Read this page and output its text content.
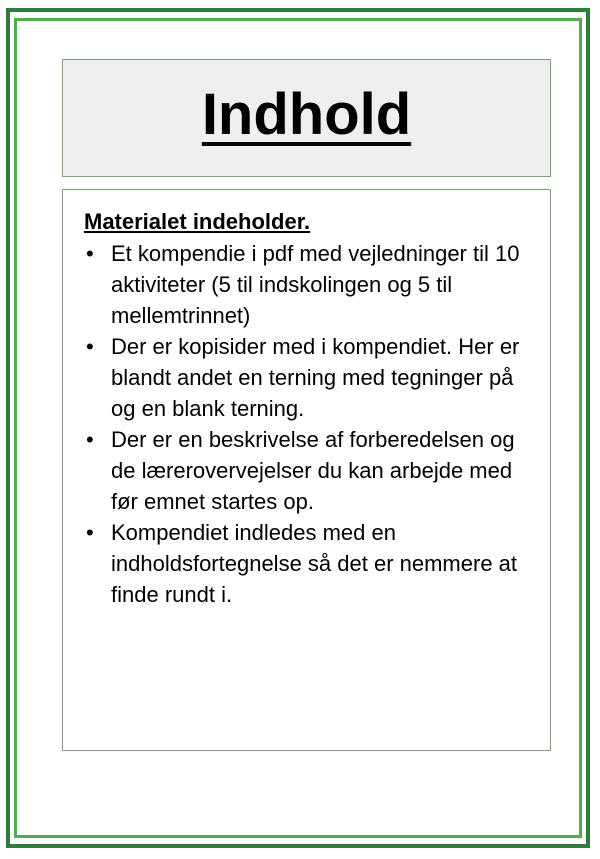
Indhold

Materialet indeholder.

• Et kompendie i pdf med vejledninger til 10 aktiviteter (5 til indskolingen og 5 til mellemtrinnet)
• Der er kopisider med i kompendiet. Her er blandt andet en terning med tegninger på og en blank terning.
• Der er en beskrivelse af forberedelsen og de lærerovervejelser du kan arbejde med før emnet startes op.
• Kompendiet indledes med en indholdsfortegnelse så det er nemmere at finde rundt i.
